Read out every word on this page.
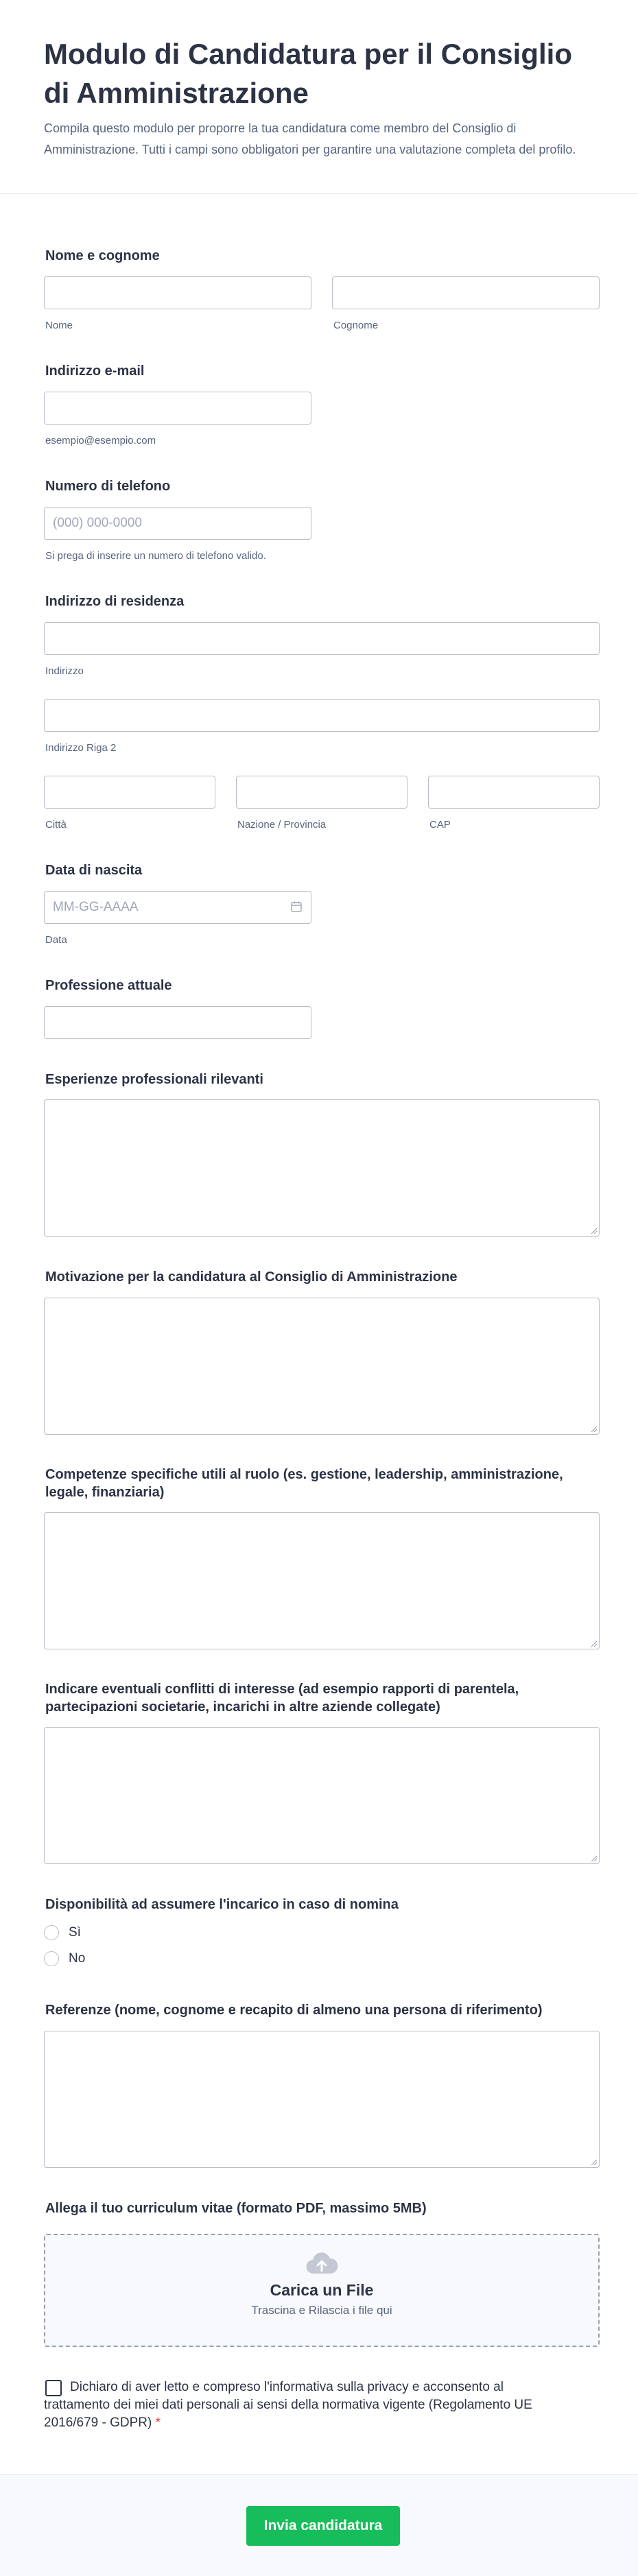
Modulo di Candidatura per il Consiglio di Amministrazione

Compila questo modulo per proporre la tua candidatura come membro del Consiglio di Amministrazione. Tutti i campi sono obbligatori per garantire una valutazione completa del profilo.

Nome e cognome
Nome	Cognome
Indirizzo e-mail
esempio@esempio.com
Numero di telefono
(000) 000-0000
Si prega di inserire un numero di telefono valido.
Indirizzo di residenza
Indirizzo
Indirizzo Riga 2
Città	Nazione / Provincia	CAP
Data di nascita
MM-GG-AAAA
Data
Professione attuale
Esperienze professionali rilevanti
Motivazione per la candidatura al Consiglio di Amministrazione
Competenze specifiche utili al ruolo (es. gestione, leadership, amministrazione, legale, finanziaria)
Indicare eventuali conflitti di interesse (ad esempio rapporti di parentela, partecipazioni societarie, incarichi in altre aziende collegate)
Disponibilità ad assumere l'incarico in caso di nomina
Sì
No
Referenze (nome, cognome e recapito di almeno una persona di riferimento)
Allega il tuo curriculum vitae (formato PDF, massimo 5MB)
Carica un File
Trascina e Rilascia i file qui
Dichiaro di aver letto e compreso l'informativa sulla privacy e acconsento al trattamento dei miei dati personali ai sensi della normativa vigente (Regolamento UE 2016/679 - GDPR) *
Invia candidatura
